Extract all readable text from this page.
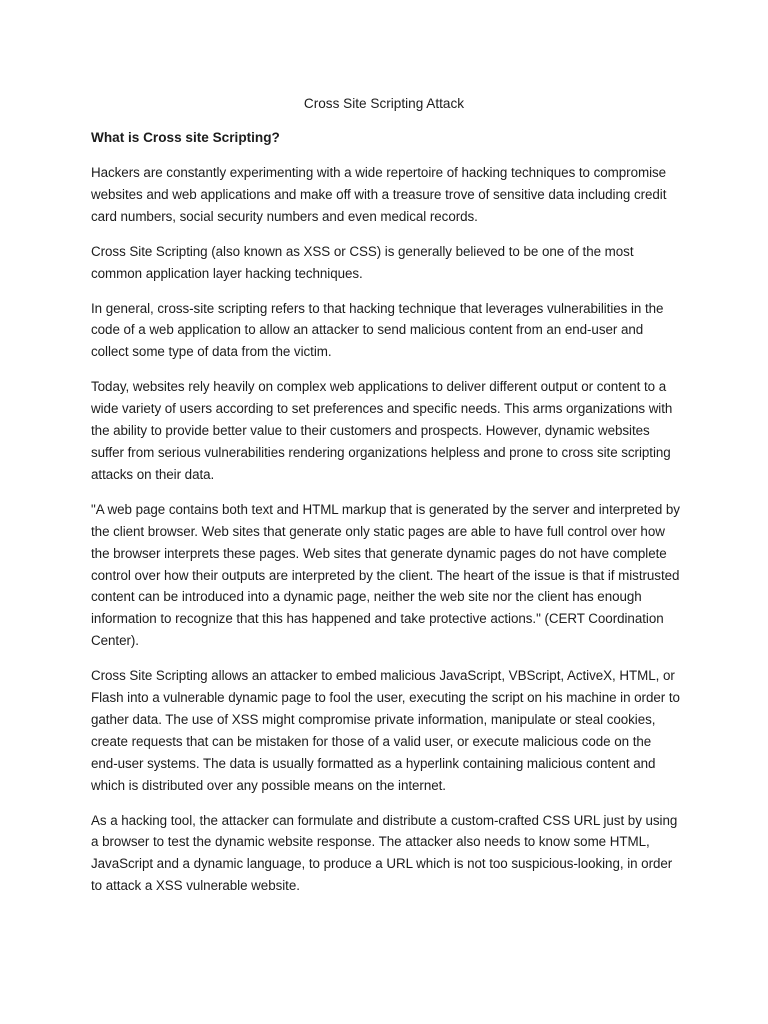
Cross Site Scripting Attack
What is Cross site Scripting?

Hackers are constantly experimenting with a wide repertoire of hacking techniques to compromise websites and web applications and make off with a treasure trove of sensitive data including credit card numbers, social security numbers and even medical records.

Cross Site Scripting (also known as XSS or CSS) is generally believed to be one of the most common application layer hacking techniques.

In general, cross-site scripting refers to that hacking technique that leverages vulnerabilities in the code of a web application to allow an attacker to send malicious content from an end-user and collect some type of data from the victim.

Today, websites rely heavily on complex web applications to deliver different output or content to a wide variety of users according to set preferences and specific needs. This arms organizations with the ability to provide better value to their customers and prospects. However, dynamic websites suffer from serious vulnerabilities rendering organizations helpless and prone to cross site scripting attacks on their data.

"A web page contains both text and HTML markup that is generated by the server and interpreted by the client browser. Web sites that generate only static pages are able to have full control over how the browser interprets these pages. Web sites that generate dynamic pages do not have complete control over how their outputs are interpreted by the client. The heart of the issue is that if mistrusted content can be introduced into a dynamic page, neither the web site nor the client has enough information to recognize that this has happened and take protective actions." (CERT Coordination Center).

Cross Site Scripting allows an attacker to embed malicious JavaScript, VBScript, ActiveX, HTML, or Flash into a vulnerable dynamic page to fool the user, executing the script on his machine in order to gather data. The use of XSS might compromise private information, manipulate or steal cookies, create requests that can be mistaken for those of a valid user, or execute malicious code on the end-user systems. The data is usually formatted as a hyperlink containing malicious content and which is distributed over any possible means on the internet.

As a hacking tool, the attacker can formulate and distribute a custom-crafted CSS URL just by using a browser to test the dynamic website response. The attacker also needs to know some HTML, JavaScript and a dynamic language, to produce a URL which is not too suspicious-looking, in order to attack a XSS vulnerable website.
